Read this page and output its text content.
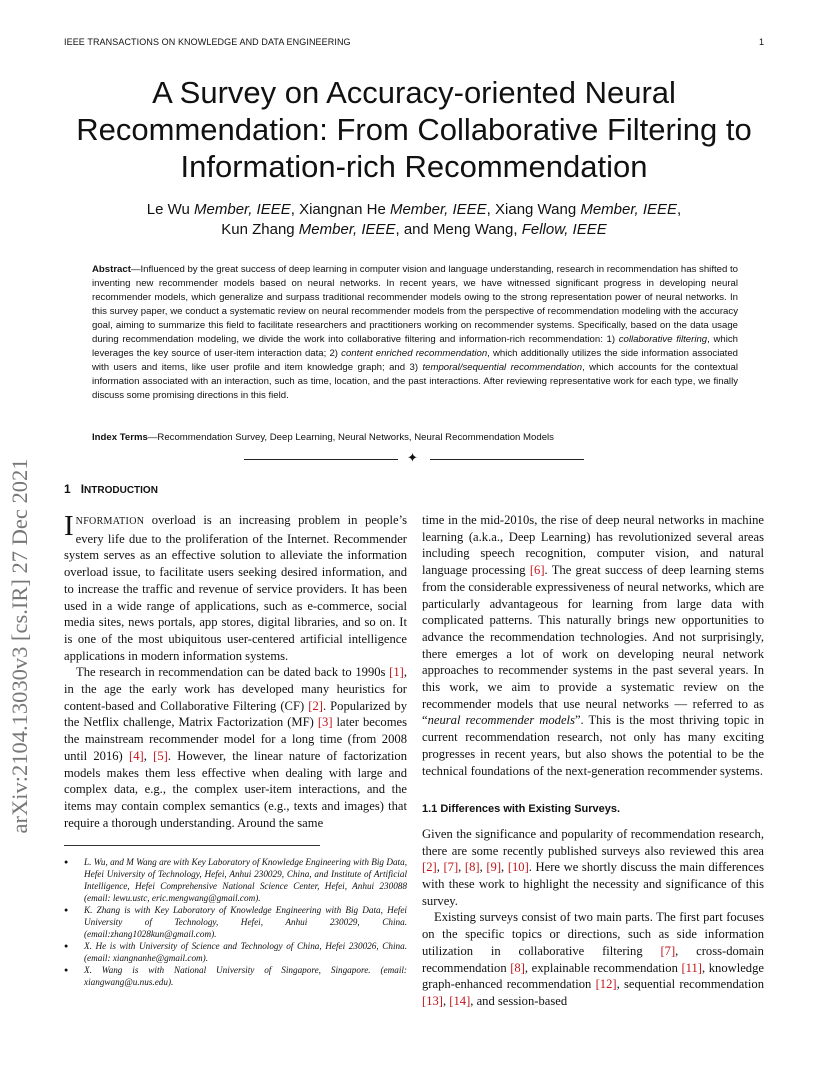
IEEE TRANSACTIONS ON KNOWLEDGE AND DATA ENGINEERING	1
A Survey on Accuracy-oriented Neural Recommendation: From Collaborative Filtering to Information-rich Recommendation
Le Wu Member, IEEE, Xiangnan He Member, IEEE, Xiang Wang Member, IEEE,
Kun Zhang Member, IEEE, and Meng Wang, Fellow, IEEE
Abstract—Influenced by the great success of deep learning in computer vision and language understanding, research in recommendation has shifted to inventing new recommender models based on neural networks. In recent years, we have witnessed significant progress in developing neural recommender models, which generalize and surpass traditional recommender models owing to the strong representation power of neural networks. In this survey paper, we conduct a systematic review on neural recommender models from the perspective of recommendation modeling with the accuracy goal, aiming to summarize this field to facilitate researchers and practitioners working on recommender systems. Specifically, based on the data usage during recommendation modeling, we divide the work into collaborative filtering and information-rich recommendation: 1) collaborative filtering, which leverages the key source of user-item interaction data; 2) content enriched recommendation, which additionally utilizes the side information associated with users and items, like user profile and item knowledge graph; and 3) temporal/sequential recommendation, which accounts for the contextual information associated with an interaction, such as time, location, and the past interactions. After reviewing representative work for each type, we finally discuss some promising directions in this field.
Index Terms—Recommendation Survey, Deep Learning, Neural Networks, Neural Recommendation Models
✦
arXiv:2104.13030v3 [cs.IR] 27 Dec 2021	1 INTRODUCTION

INFORMATION overload is an increasing problem in people’s every life due to the proliferation of the Internet. Recommender system serves as an effective solution to alleviate the information overload issue, to facilitate users seeking desired information, and to increase the traffic and revenue of service providers. It has been used in a wide range of applications, such as e-commerce, social media sites, news portals, app stores, digital libraries, and so on. It is one of the most ubiquitous user-centered artificial intelligence applications in modern information systems.

The research in recommendation can be dated back to 1990s [1], in the age the early work has developed many heuristics for content-based and Collaborative Filtering (CF) [2]. Popularized by the Netflix challenge, Matrix Factorization (MF) [3] later becomes the mainstream recommender model for a long time (from 2008 until 2016) [4], [5]. However, the linear nature of factorization models makes them less effective when dealing with large and complex data, e.g., the complex user-item interactions, and the items may contain complex semantics (e.g., texts and images) that require a thorough understanding. Around the same

● L. Wu, and M Wang are with Key Laboratory of Knowledge Engineering with Big Data, Hefei University of Technology, Hefei, Anhui 230029, China, and Institute of Artificial Intelligence, Hefei Comprehensive National Science Center, Hefei, Anhui 230088 (email: lewu.ustc, eric.mengwang@gmail.com).
● K. Zhang is with Key Laboratory of Knowledge Engineering with Big Data, Hefei University of Technology, Hefei, Anhui 230029, China.(email:zhang1028kun@gmail.com).
● X. He is with University of Science and Technology of China, Hefei 230026, China. (email: xiangnanhe@gmail.com).
● X. Wang is with National University of Singapore, Singapore. (email: xiangwang@u.nus.edu).

time in the mid-2010s, the rise of deep neural networks in machine learning (a.k.a., Deep Learning) has revolutionized several areas including speech recognition, computer vision, and natural language processing [6]. The great success of deep learning stems from the considerable expressiveness of neural networks, which are particularly advantageous for learning from large data with complicated patterns. This naturally brings new opportunities to advance the recommendation technologies. And not surprisingly, there emerges a lot of work on developing neural network approaches to recommender systems in the past several years. In this work, we aim to provide a systematic review on the recommender models that use neural networks — referred to as “neural recommender models”. This is the most thriving topic in current recommendation research, not only has many exciting progresses in recent years, but also shows the potential to be the technical foundations of the next-generation recommender systems.

1.1 Differences with Existing Surveys.

Given the significance and popularity of recommendation research, there are some recently published surveys also reviewed this area [2], [7], [8], [9], [10]. Here we shortly discuss the main differences with these work to highlight the necessity and significance of this survey.

Existing surveys consist of two main parts. The first part focuses on the specific topics or directions, such as side information utilization in collaborative filtering [7], cross-domain recommendation [8], explainable recommendation [11], knowledge graph-enhanced recommendation [12], sequential recommendation [13], [14], and session-based
